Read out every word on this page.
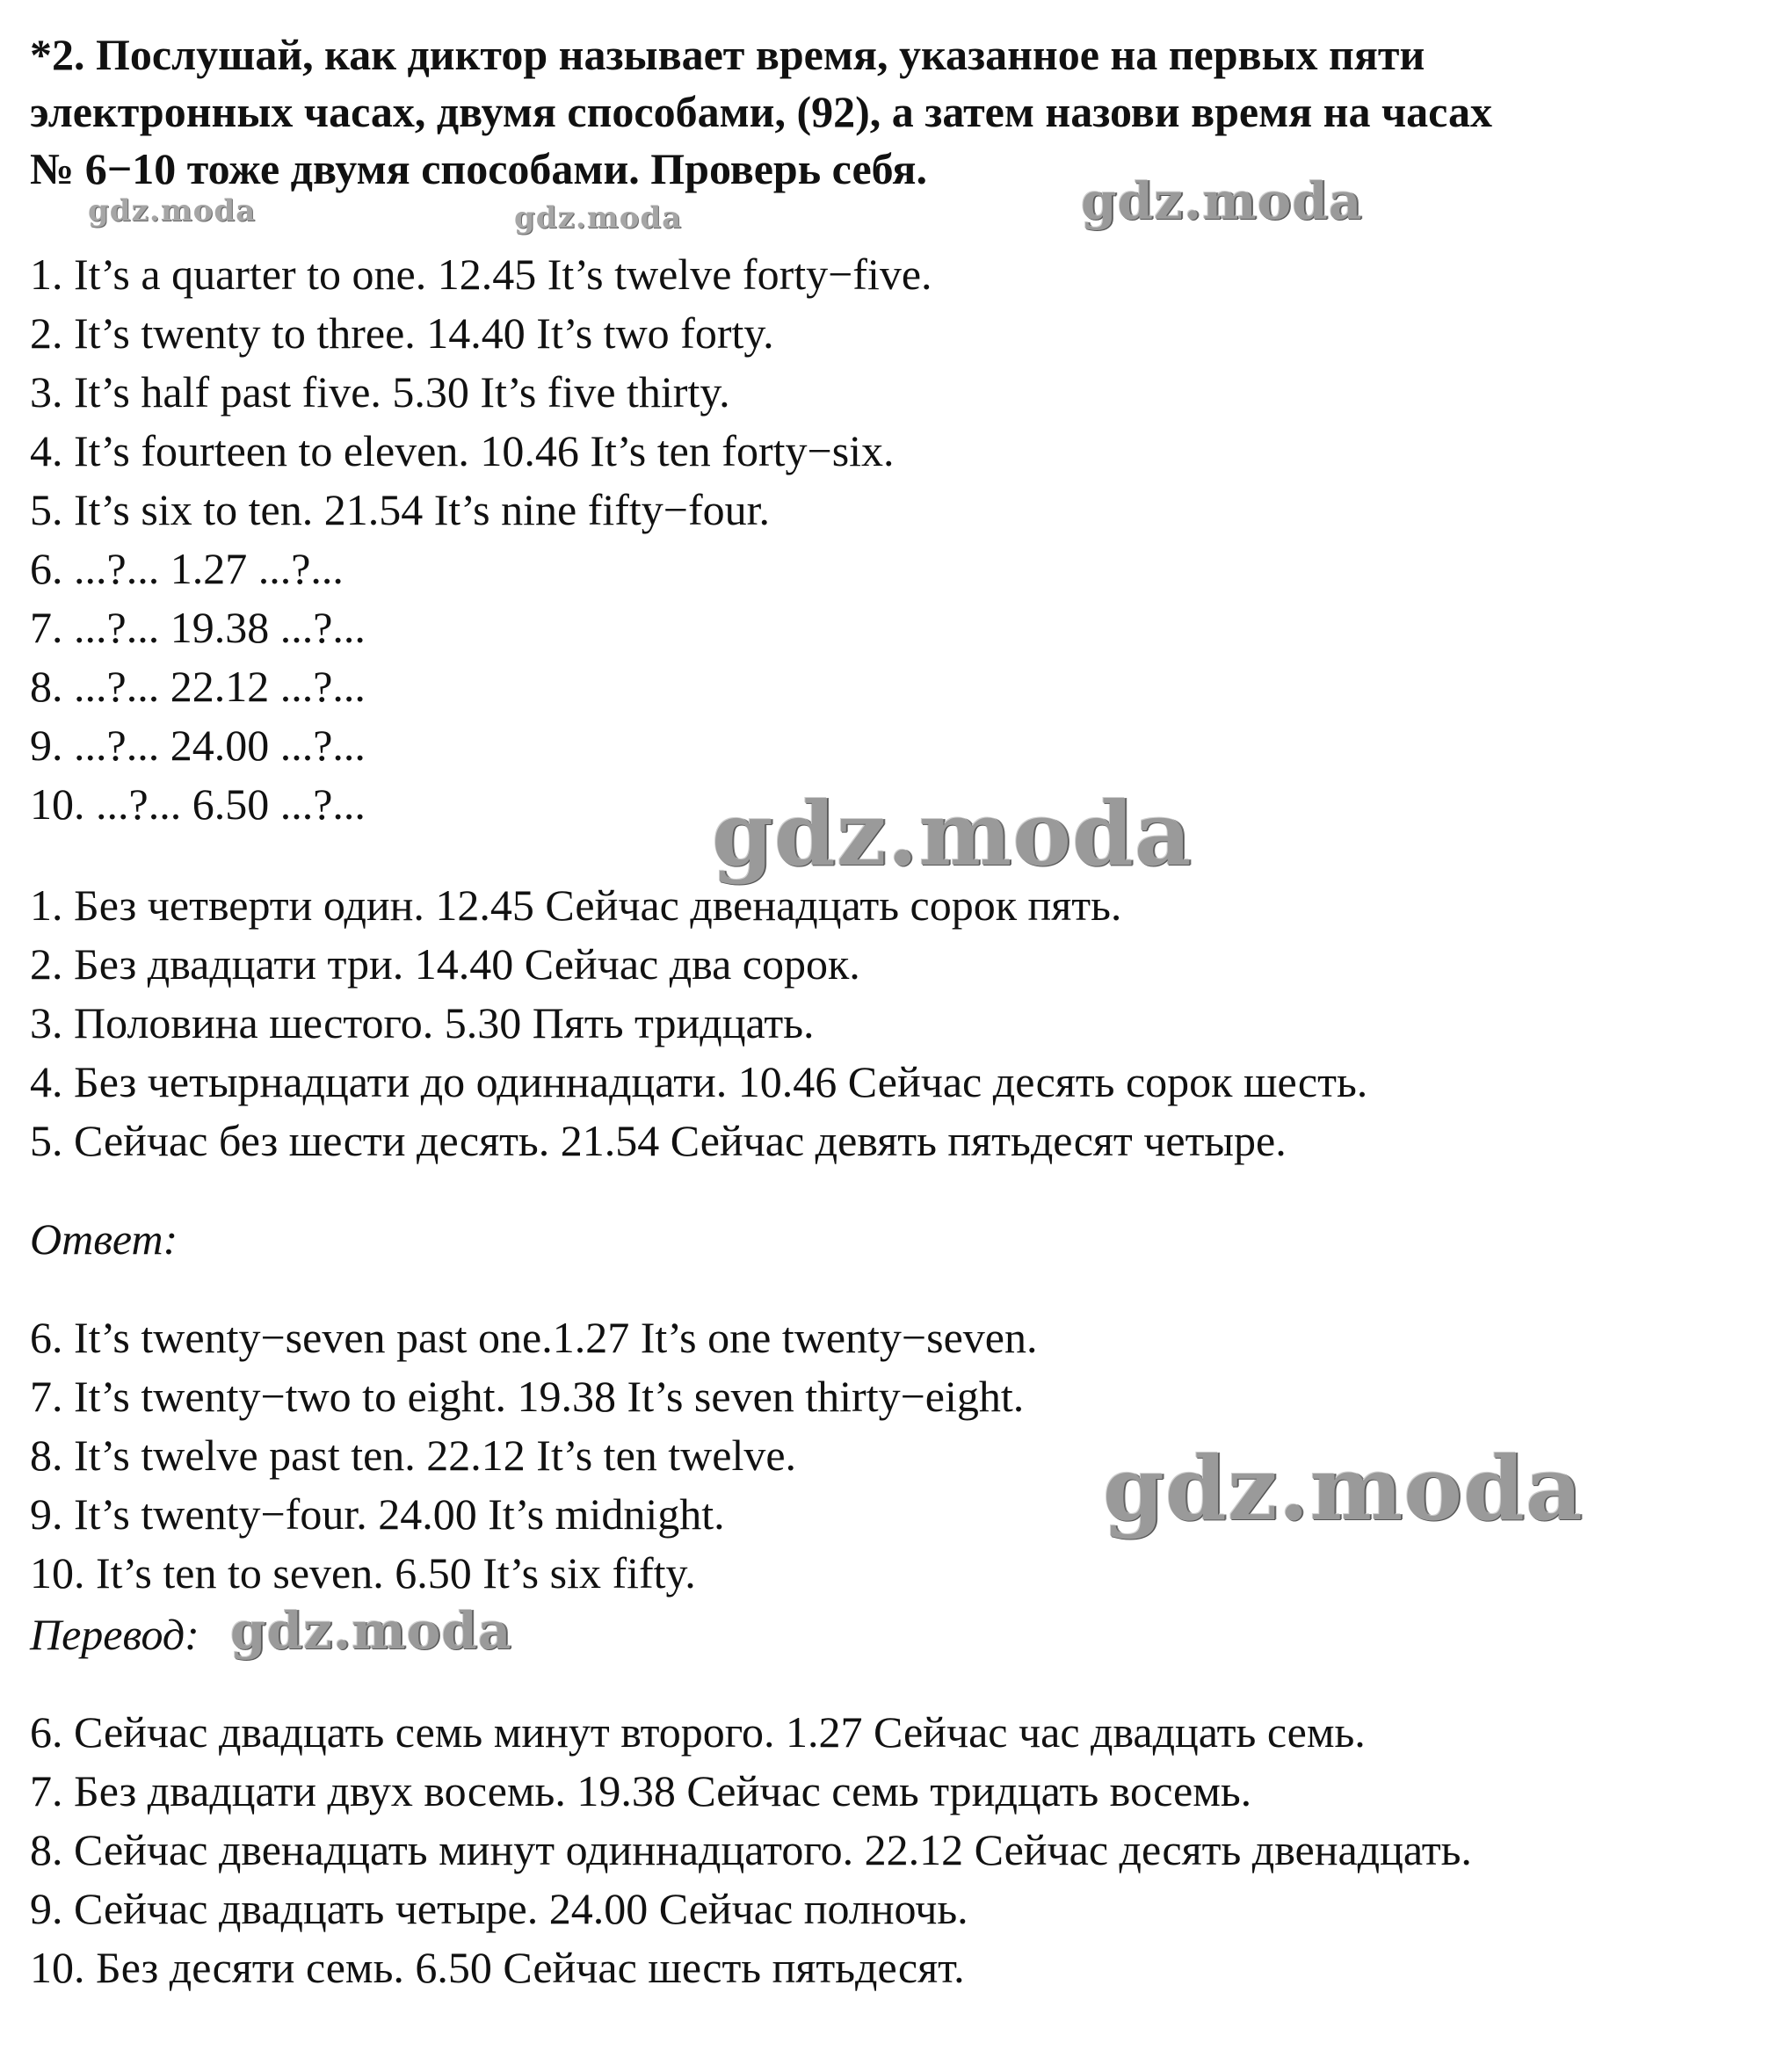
*2. Послушай, как диктор называет время, указанное на первых пяти
электронных часах, двумя способами, (92), а затем назови время на часах
№ 6−10 тоже двумя способами. Проверь себя.

1. It’s a quarter to one. 12.45 It’s twelve forty−five.

2. It’s twenty to three. 14.40 It’s two forty.

3. It’s half past five. 5.30 It’s five thirty.

4. It’s fourteen to eleven. 10.46 It’s ten forty−six.

5. It’s six to ten. 21.54 It’s nine fifty−four.

6. ...?... 1.27 ...?...

7. ...?... 19.38 ...?...

8. ...?... 22.12 ...?...

9. ...?... 24.00 ...?...

10. ...?... 6.50 ...?...

1. Без четверти один. 12.45 Сейчас двенадцать сорок пять.

2. Без двадцати три. 14.40 Сейчас два сорок.

3. Половина шестого. 5.30 Пять тридцать.

4. Без четырнадцати до одиннадцати. 10.46 Сейчас десять сорок шесть.

5. Сейчас без шести десять. 21.54 Сейчас девять пятьдесят четыре.

Ответ:

6. It’s twenty−seven past one.1.27 It’s one twenty−seven.

7. It’s twenty−two to eight. 19.38 It’s seven thirty−eight.

8. It’s twelve past ten. 22.12 It’s ten twelve.

9. It’s twenty−four. 24.00 It’s midnight.

10. It’s ten to seven. 6.50 It’s six fifty.

Перевод:

6. Сейчас двадцать семь минут второго. 1.27 Сейчас час двадцать семь.

7. Без двадцати двух восемь. 19.38 Сейчас семь тридцать восемь.

8. Сейчас двенадцать минут одиннадцатого. 22.12 Сейчас десять двенадцать.

9. Сейчас двадцать четыре. 24.00 Сейчас полночь.

10. Без десяти семь. 6.50 Сейчас шесть пятьдесят.

gdz.moda	gdz.moda	gdz.moda
gdz.moda
gdz.moda
gdz.moda
